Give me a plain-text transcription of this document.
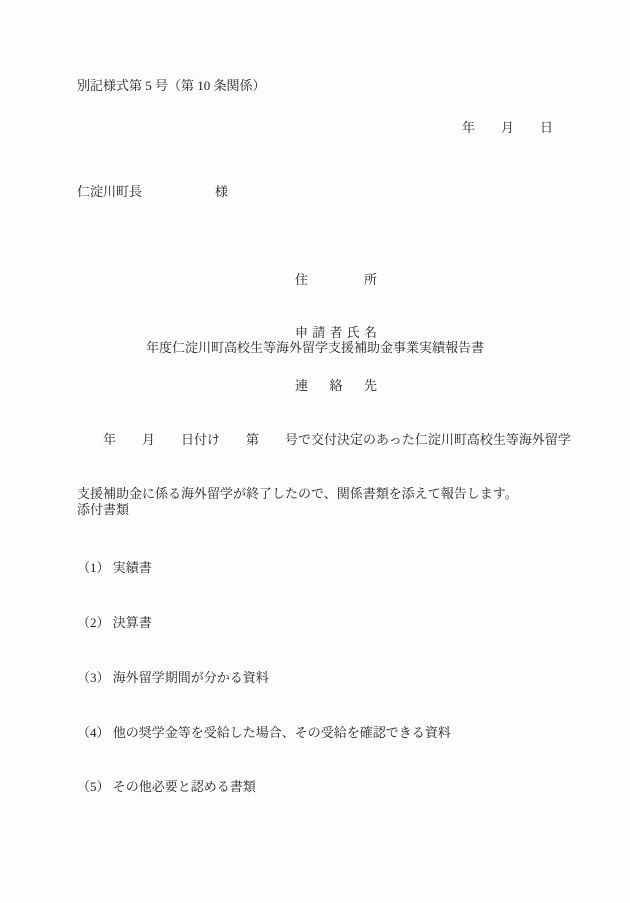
別記様式第 5 号（第 10 条関係）
年　　月　　日
仁淀川町長	様

住所

申請者氏名

連絡先

年度仁淀川町高校生等海外留学支援補助金事業実績報告書

　　年　　月　　日付け　　第　　号で交付決定のあった仁淀川町高校生等海外留学

支援補助金に係る海外留学が終了したので、関係書類を添えて報告します。

添付書類

（1） 実績書

（2） 決算書

（3） 海外留学期間が分かる資料

（4） 他の奨学金等を受給した場合、その受給を確認できる資料

（5） その他必要と認める書類
